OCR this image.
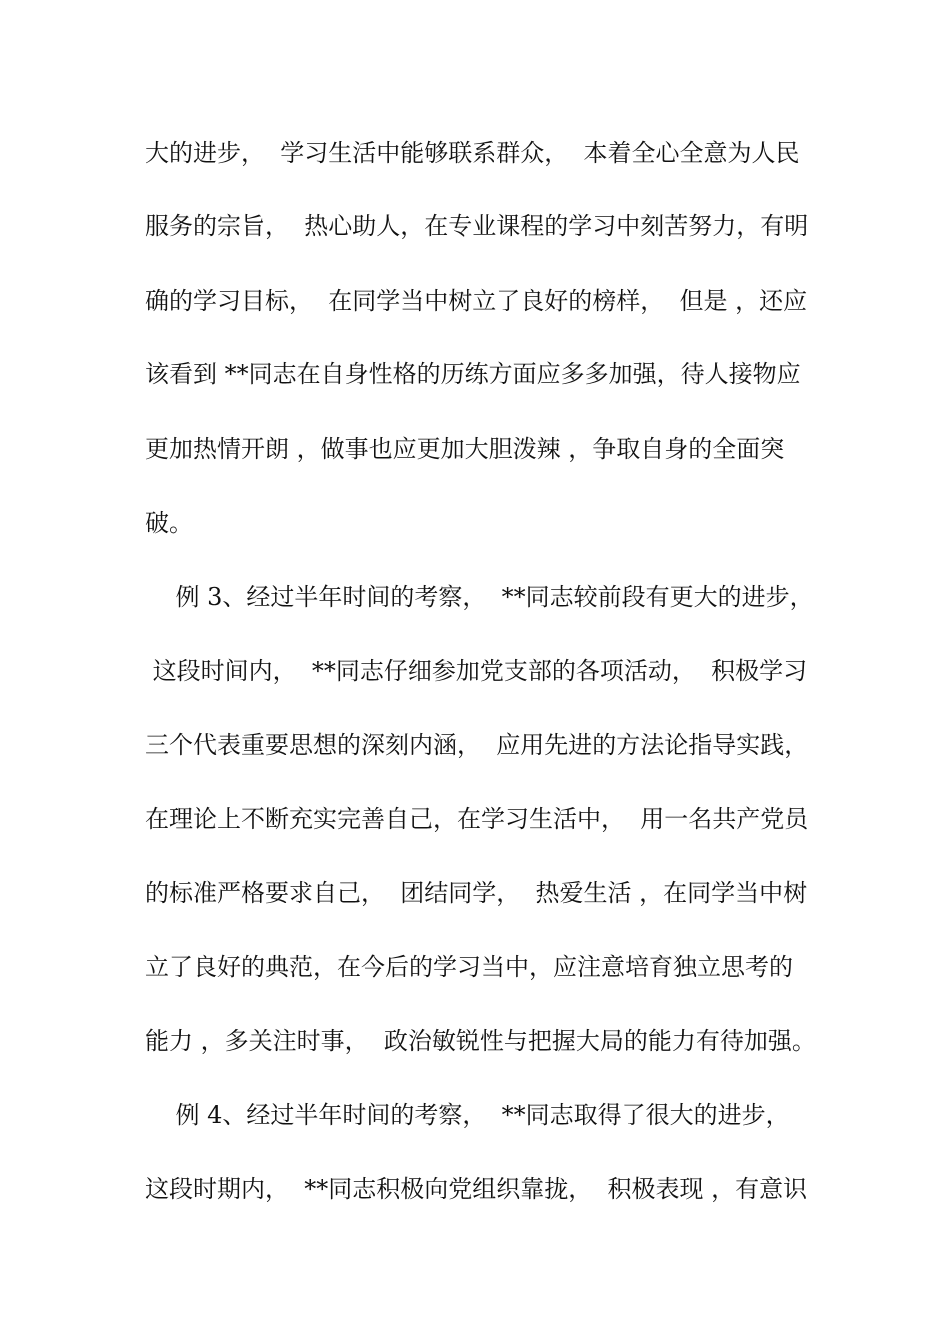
大的进步，  学习生活中能够联系群众，  本着全心全意为人民
服务的宗旨，  热心助人，在专业课程的学习中刻苦努力，有明
确的学习目标，  在同学当中树立了良好的榜样，  但是 ，还应
该看到 **同志在自身性格的历练方面应多多加强，待人接物应
更加热情开朗 ，做事也应更加大胆泼辣 ，争取自身的全面突
破。
例 3、经过半年时间的考察，  **同志较前段有更大的进步，
这段时间内，  **同志仔细参加党支部的各项活动，  积极学习
三个代表重要思想的深刻内涵，  应用先进的方法论指导实践，
在理论上不断充实完善自己，在学习生活中，  用一名共产党员
的标准严格要求自己，  团结同学，  热爱生活 ，在同学当中树
立了良好的典范，在今后的学习当中，应注意培育独立思考的
能力 ，多关注时事，  政治敏锐性与把握大局的能力有待加强。
例 4、经过半年时间的考察，  **同志取得了很大的进步，
这段时期内，  **同志积极向党组织靠拢，  积极表现 ，有意识
